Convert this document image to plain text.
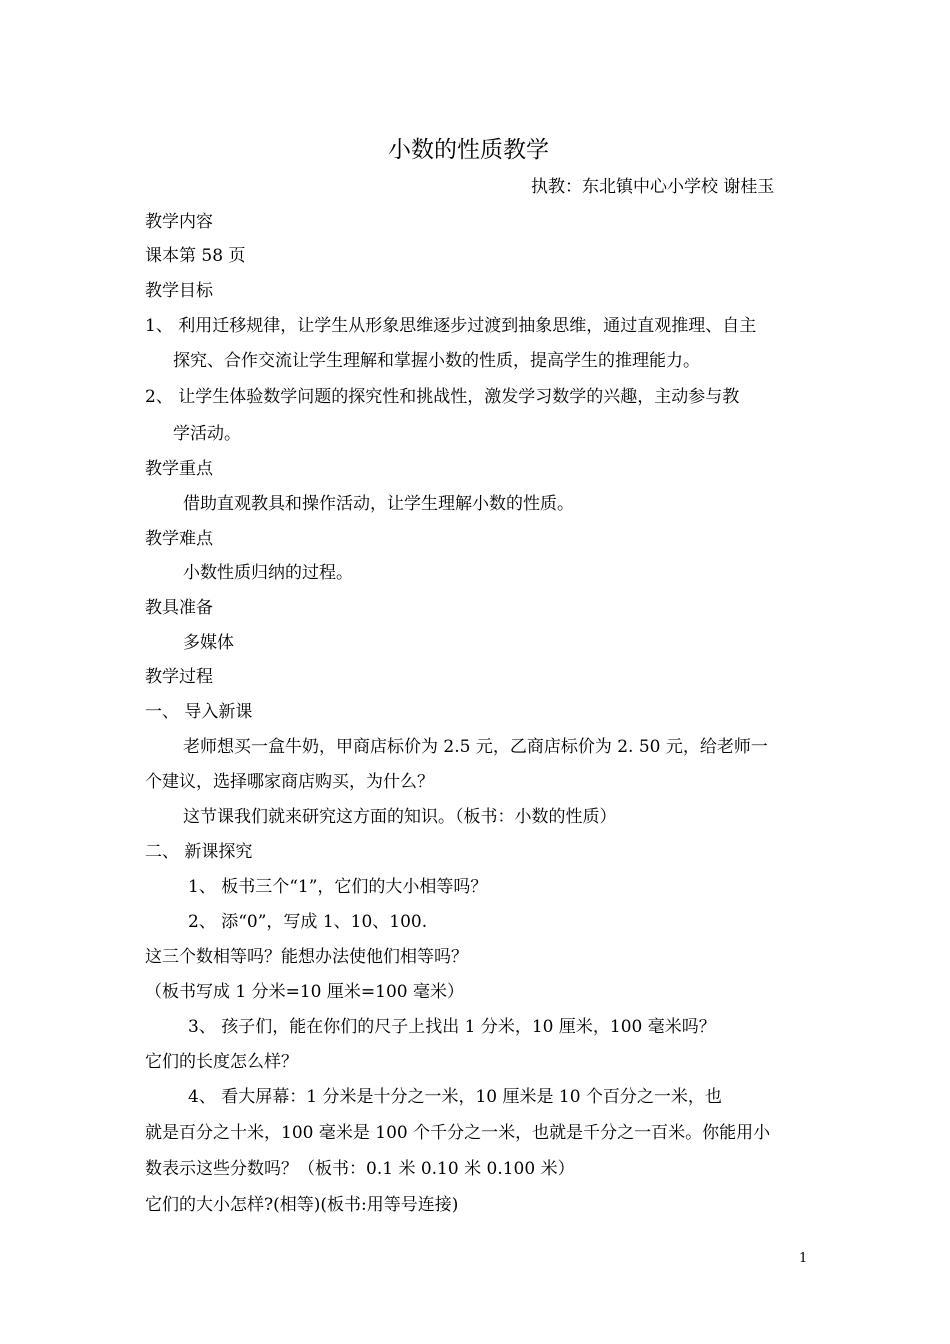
小数的性质教学
执教：东北镇中心小学校 谢桂玉
教学内容
课本第 58 页
教学目标
1、 利用迁移规律，让学生从形象思维逐步过渡到抽象思维，通过直观推理、自主
探究、合作交流让学生理解和掌握小数的性质，提高学生的推理能力。
2、 让学生体验数学问题的探究性和挑战性，激发学习数学的兴趣，主动参与教
学活动。
教学重点
借助直观教具和操作活动，让学生理解小数的性质。
教学难点
小数性质归纳的过程。
教具准备
多媒体
教学过程
一、 导入新课
老师想买一盒牛奶，甲商店标价为 2.5 元，乙商店标价为 2. 50 元，给老师一
个建议，选择哪家商店购买，为什么？
这节课我们就来研究这方面的知识。（板书：小数的性质）
二、 新课探究
1、 板书三个“1”，它们的大小相等吗？
2、 添“0”，写成 1、10、100.
这三个数相等吗？能想办法使他们相等吗？
（板书写成 1 分米=10 厘米=100 毫米）
3、 孩子们，能在你们的尺子上找出 1 分米，10 厘米，100 毫米吗？
它们的长度怎么样？
4、 看大屏幕：1 分米是十分之一米，10 厘米是 10 个百分之一米，也
就是百分之十米，100 毫米是 100 个千分之一米，也就是千分之一百米。你能用小
数表示这些分数吗？（板书：0.1 米 0.10 米 0.100 米）
它们的大小怎样?(相等)(板书:用等号连接)
1
